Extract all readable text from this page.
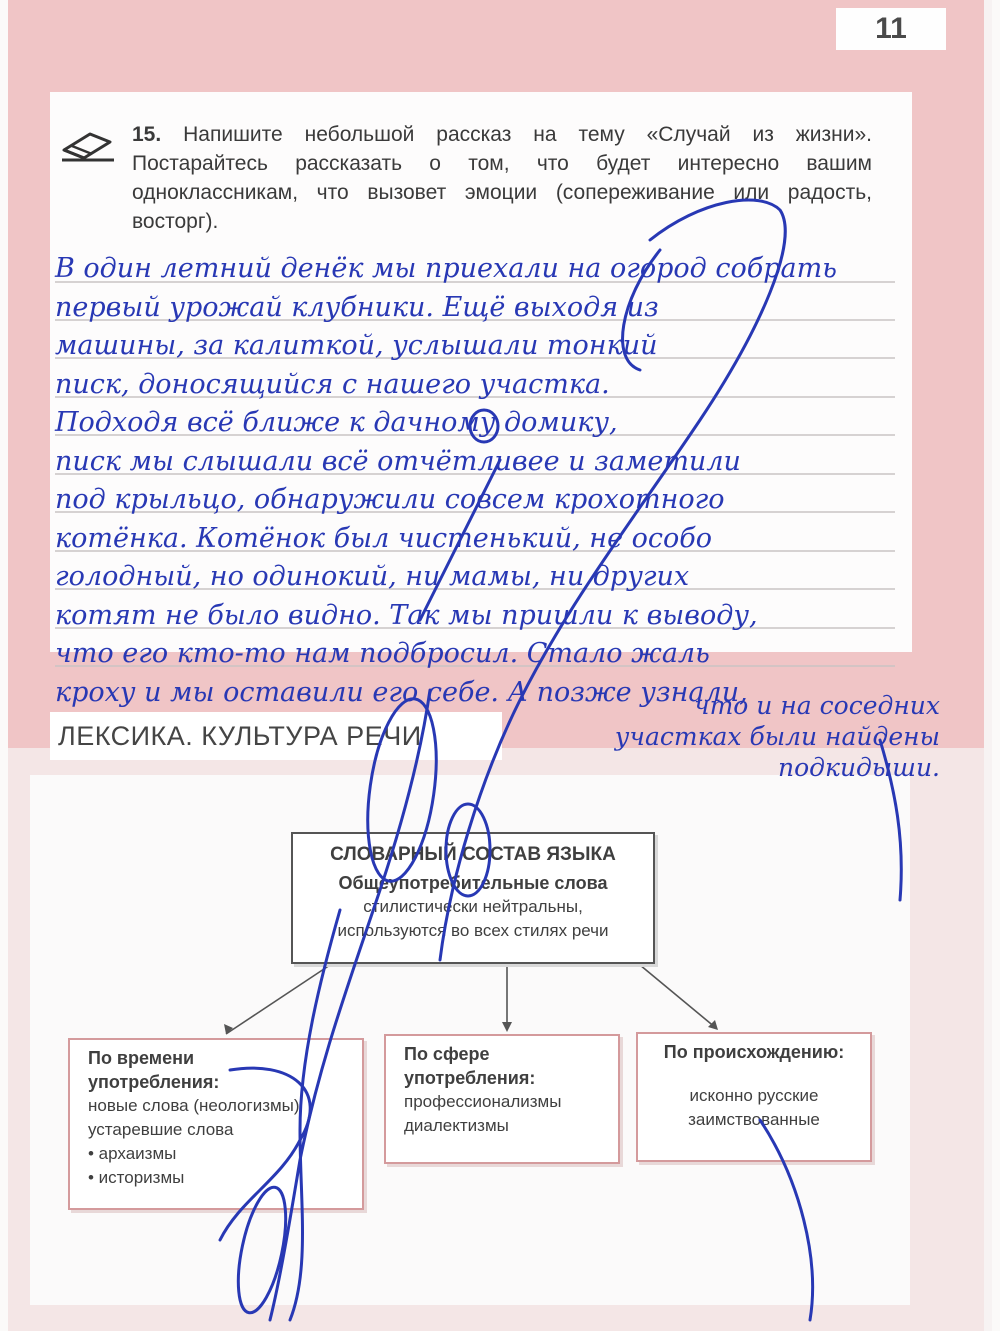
11
15. Напишите небольшой рассказ на тему «Случай из жизни». Постарайтесь рассказать о том, что будет интересно вашим одноклассникам, что вызовет эмоции (сопереживание или радость, восторг).
В один летний денёк мы приехали на огород собрать
первый урожай клубники. Ещё выходя из
машины, за калиткой, услышали тонкий
писк, доносящийся с нашего участка.
Подходя всё ближе к дачному домику,
писк мы слышали всё отчётливее и заметили
под крыльцо, обнаружили совсем крохотного
котёнка. Котёнок был чистенький, не особо
голодный, но одинокий, ни мамы, ни других
котят не было видно. Так мы пришли к выводу,
что его кто-то нам подбросил. Стало жаль
кроху и мы оставили его себе. А позже узнали,
ЛЕКСИКА. КУЛЬТУРА РЕЧИ
что и на соседних
участках были найдены
подкидыши.
СЛОВАРНЫЙ СОСТАВ ЯЗЫКА
Общеупотребительные слова
стилистически нейтральны,
используются во всех стилях речи
По времени
употребления:
новые слова (неологизмы)
устаревшие слова
• архаизмы
• историзмы
По сфере
употребления:
профессионализмы
диалектизмы
По происхождению:
исконно русские
заимствованные
